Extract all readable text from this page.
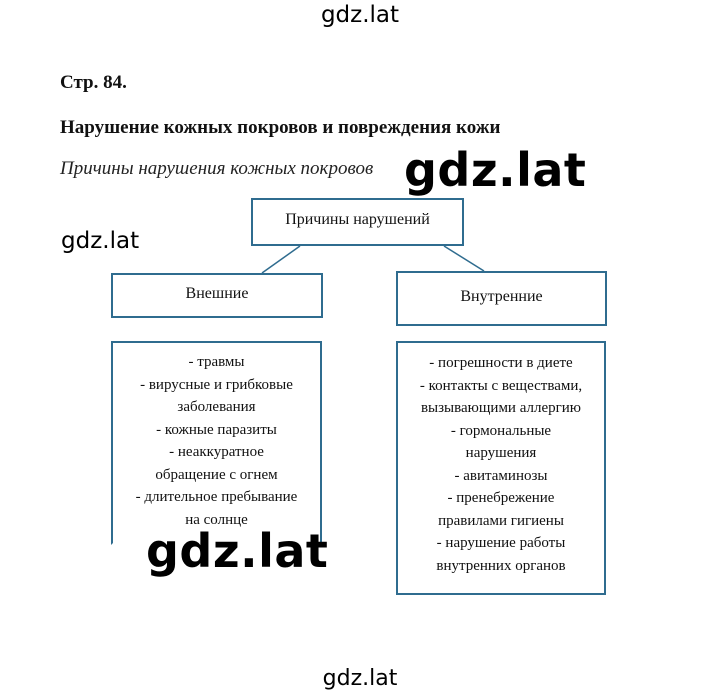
gdz.lat
Стр. 84.
Нарушение кожных покровов и повреждения кожи
Причины нарушения кожных покровов
Причины нарушений
Внешние	Внутренние
- травмы
- вирусные и грибковые
заболевания
- кожные паразиты
- неаккуратное
обращение с огнем
- длительное пребывание
на солнце
- погрешности в диете
- контакты с веществами,
вызывающими аллергию
- гормональные
нарушения
- авитаминозы
- пренебрежение
правилами гигиены
- нарушение работы
внутренних органов
gdz.lat
gdz.lat
gdz.lat
gdz.lat
